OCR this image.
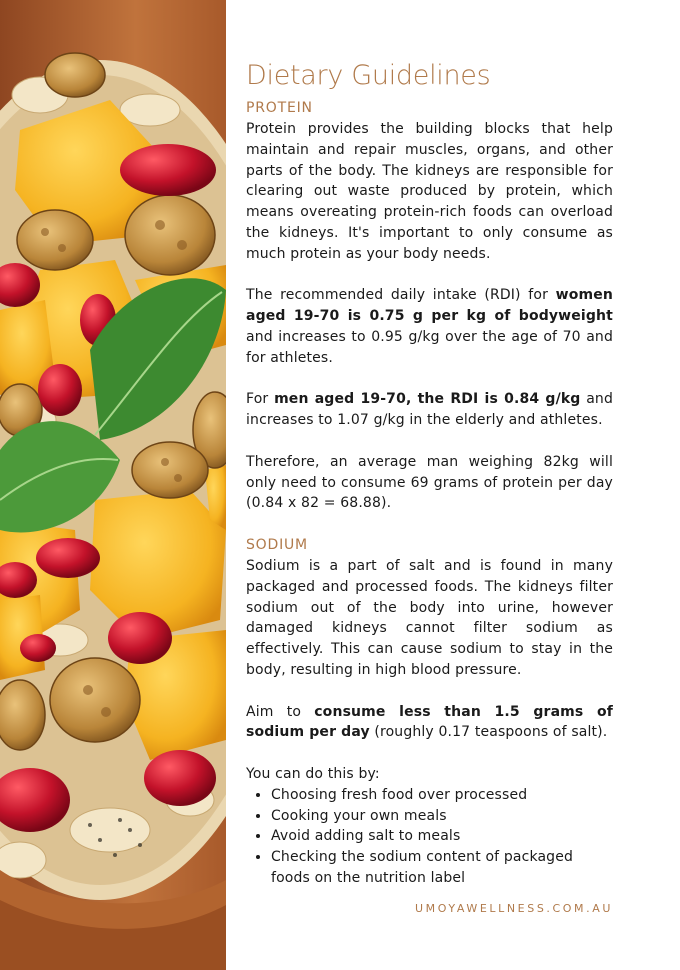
Dietary Guidelines
PROTEIN

Protein provides the building blocks that help maintain and repair muscles, organs, and other parts of the body. The kidneys are responsible for clearing out waste produced by protein, which means overeating protein-rich foods can overload the kidneys. It's important to only consume as much protein as your body needs.

The recommended daily intake (RDI) for women aged 19-70 is 0.75 g per kg of bodyweight and increases to 0.95 g/kg over the age of 70 and for athletes.

For men aged 19-70, the RDI is 0.84 g/kg and increases to 1.07 g/kg in the elderly and athletes.

Therefore, an average man weighing 82kg will only need to consume 69 grams of protein per day (0.84 x 82 = 68.88).

SODIUM

Sodium is a part of salt and is found in many packaged and processed foods. The kidneys filter sodium out of the body into urine, however damaged kidneys cannot filter sodium as effectively. This can cause sodium to stay in the body, resulting in high blood pressure.

Aim to consume less than 1.5 grams of sodium per day (roughly 0.17 teaspoons of salt).

You can do this by:

• Choosing fresh food over processed
• Cooking your own meals
• Avoid adding salt to meals
• Checking the sodium content of packaged foods on the nutrition label
UMOYAWELLNESS.COM.AU
